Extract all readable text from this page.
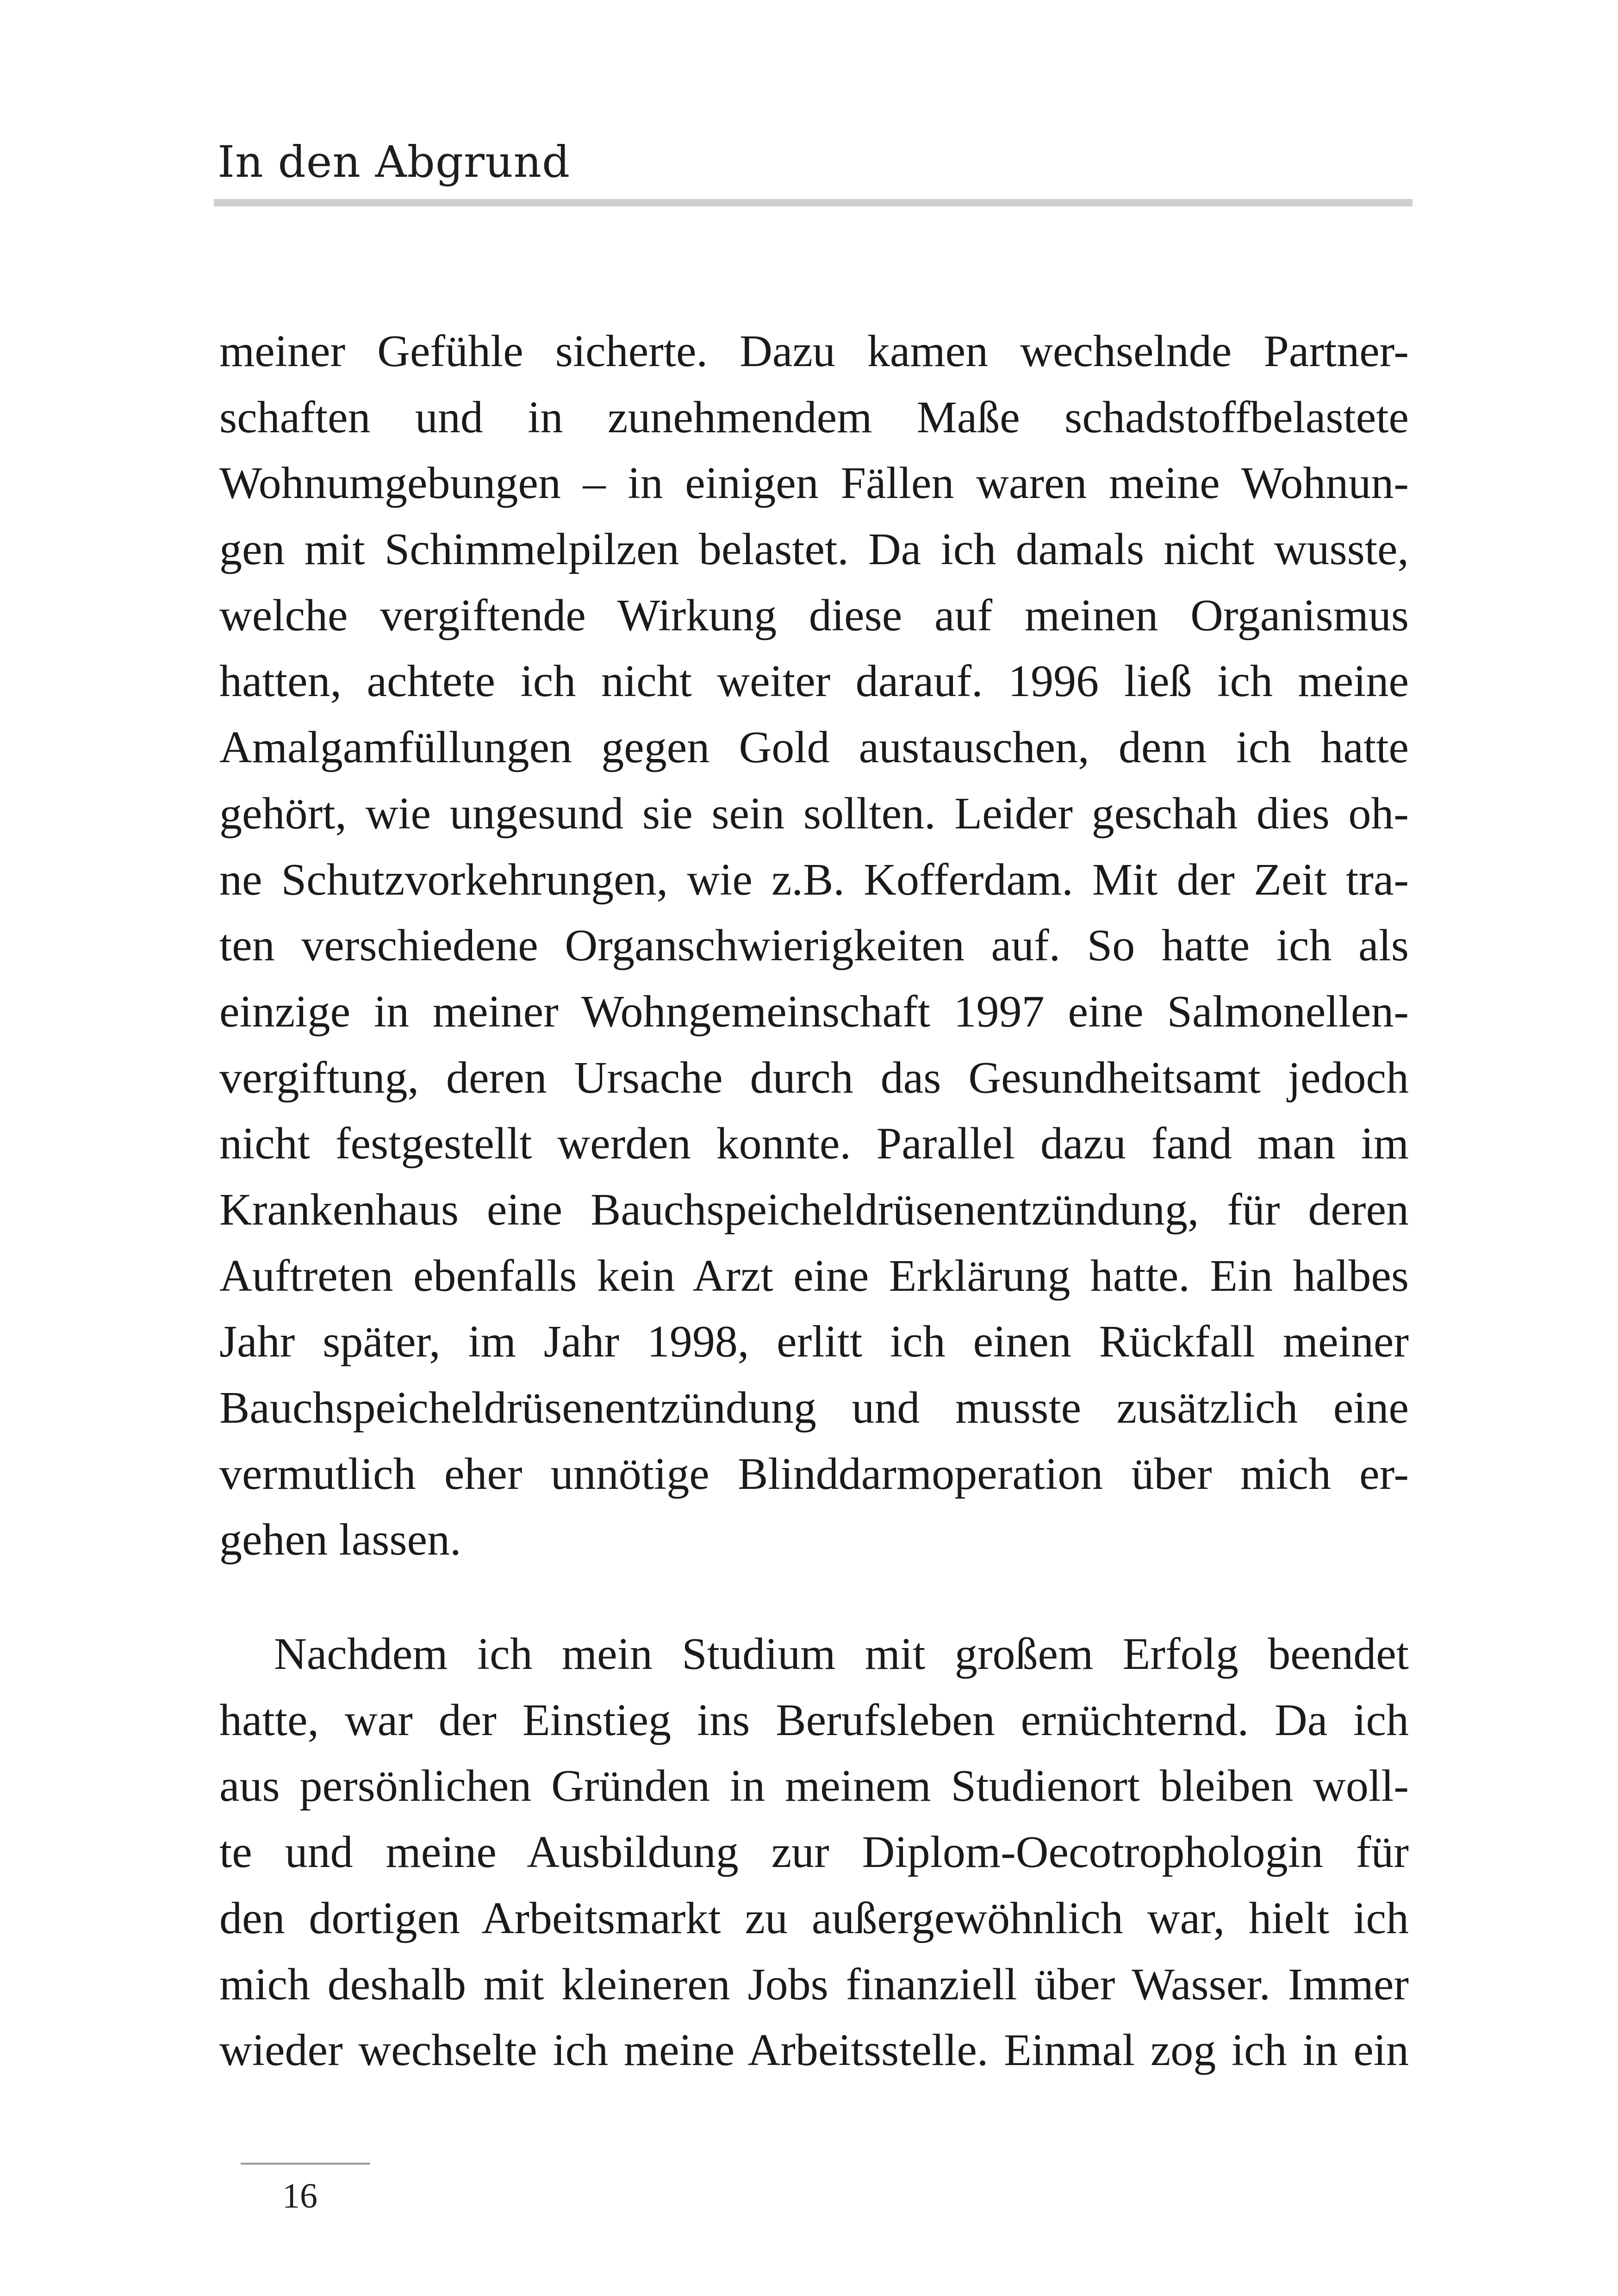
In den Abgrund
meiner Gefühle sicherte. Dazu kamen wechselnde Partner-
schaften und in zunehmendem Maße schadstoffbelastete
Wohnumgebungen – in einigen Fällen waren meine Wohnun-
gen mit Schimmelpilzen belastet. Da ich damals nicht wusste,
welche vergiftende Wirkung diese auf meinen Organismus
hatten, achtete ich nicht weiter darauf. 1996 ließ ich meine
Amalgamfüllungen gegen Gold austauschen, denn ich hatte
gehört, wie ungesund sie sein sollten. Leider geschah dies oh-
ne Schutzvorkehrungen, wie z.B. Kofferdam. Mit der Zeit tra-
ten verschiedene Organschwierigkeiten auf. So hatte ich als
einzige in meiner Wohngemeinschaft 1997 eine Salmonellen-
vergiftung, deren Ursache durch das Gesundheitsamt jedoch
nicht festgestellt werden konnte. Parallel dazu fand man im
Krankenhaus eine Bauchspeicheldrüsenentzündung, für deren
Auftreten ebenfalls kein Arzt eine Erklärung hatte. Ein halbes
Jahr später, im Jahr 1998, erlitt ich einen Rückfall meiner
Bauchspeicheldrüsenentzündung und musste zusätzlich eine
vermutlich eher unnötige Blinddarmoperation über mich er-
gehen lassen.
Nachdem ich mein Studium mit großem Erfolg beendet
hatte, war der Einstieg ins Berufsleben ernüchternd. Da ich
aus persönlichen Gründen in meinem Studienort bleiben woll-
te und meine Ausbildung zur Diplom-Oecotrophologin für
den dortigen Arbeitsmarkt zu außergewöhnlich war, hielt ich
mich deshalb mit kleineren Jobs finanziell über Wasser. Immer
wieder wechselte ich meine Arbeitsstelle. Einmal zog ich in ein
16
